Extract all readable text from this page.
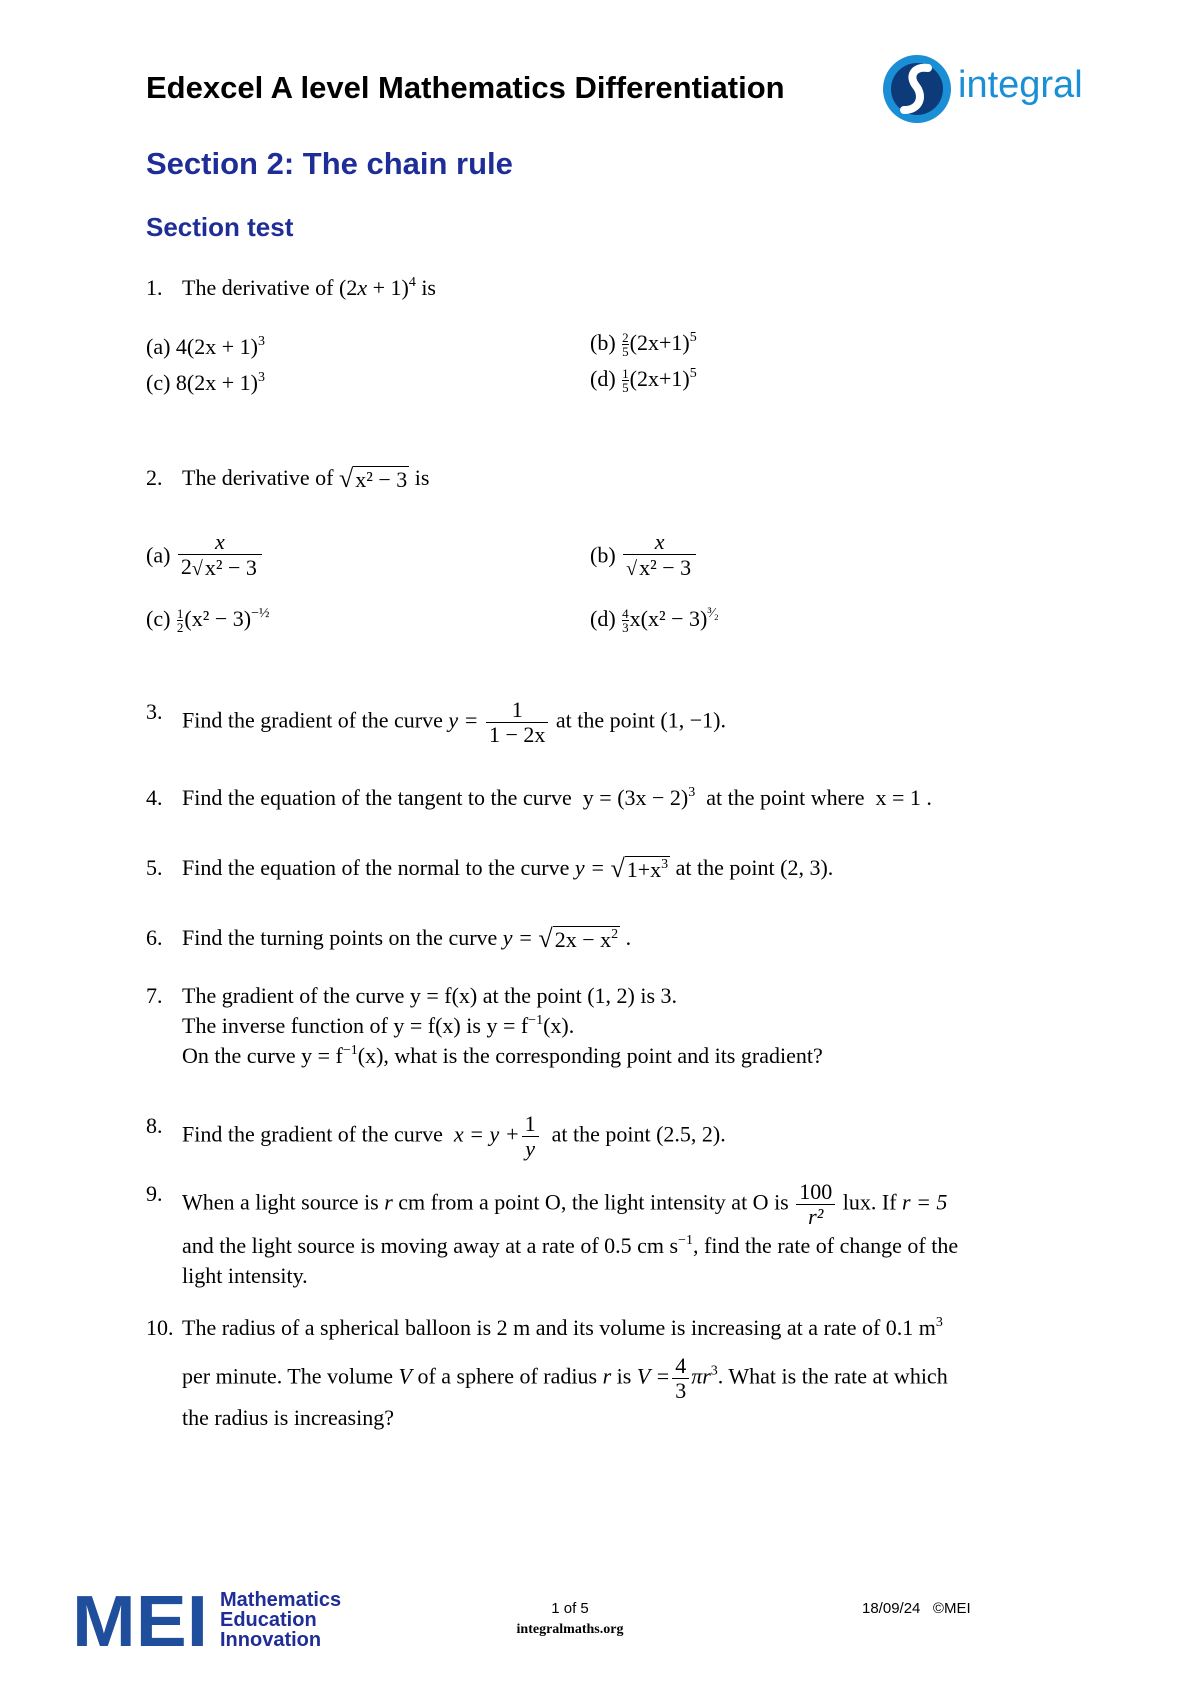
Edexcel A level Mathematics Differentiation	integral
Section 2: The chain rule
Section test
1. The derivative of $(2x + 1)^4$ is
(a) $4(2x + 1)^3$	$(b) \frac{2}{5} (2x+1)^5$
(c) $8(2x + 1)^3$	$(d) \frac{1}{5} (2x+1)^5$
2. The derivative of √x² − 3 is
$(a) \frac{x}{\text{2√x² − 3}}$	$(b) \frac{x}{\text{√x² − 3}}$
$(c) \frac{1}{2} (x^2 - 3)^{-\frac{1}{2}}$	$(d) \frac{4}{3} x(x^2 - 3)^{^3⁄_2}$
3. Find the gradient of the curve $y = \frac{1}{1 - 2x}$ at the point (1, −1).
4. Find the equation of the tangent to the curve $y = (3x - 2)^3$ at the point where x = 1 .
5. Find the equation of the normal to the curve $y = √1+x^3$ at the point (2, 3).
6. Find the turning points on the curve $y = √2x - x^2$ .
7. The gradient of the curve y = f(x) at the point (1, 2) is 3.
The inverse function of y = f(x) is $y = f^{-1}(x)$.
On the curve $y = f^{-1}(x)$, what is the corresponding point and its gradient?
8. Find the gradient of the curve $x = y + \frac{1}{y}$ at the point (2.5, 2).
9. When a light source is r cm from a point O, the light intensity at O is $\frac{100}{\text{r²}}$ lux. If r = 5
and the light source is moving away at a rate of 0.5 cm $s^{-1}$, find the rate of change of the
light intensity.
10. The radius of a spherical balloon is 2 m and its volume is increasing at a rate of 0.1 $m^3$
per minute. The volume V of a sphere of radius r is $V = \frac{4}{3} \pi r^3$. What is the rate at which
the radius is increasing?
MEI Mathematics
Education
Innovation
1 of 5
integralmaths.org
18/09/24 ©MEI
